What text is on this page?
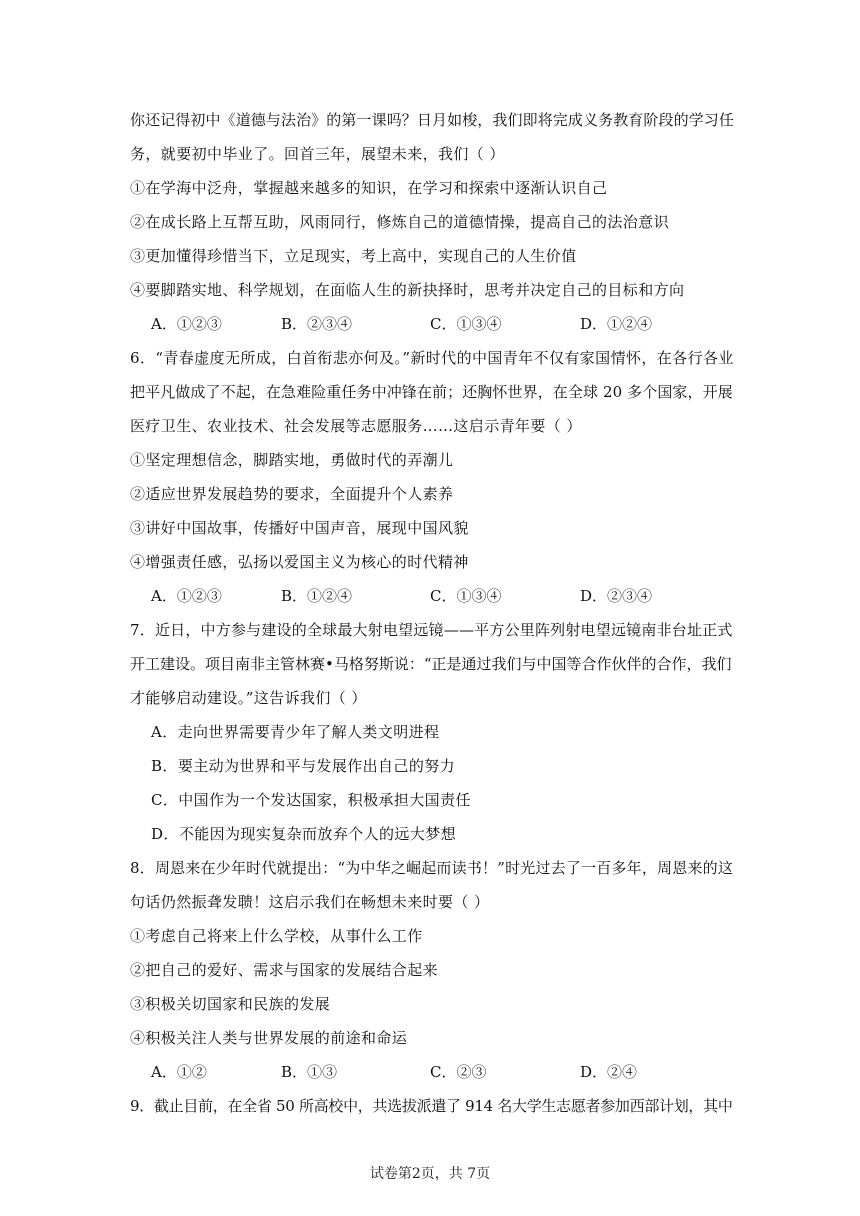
你还记得初中《道德与法治》的第一课吗？日月如梭，我们即将完成义务教育阶段的学习任
务，就要初中毕业了。回首三年，展望未来，我们（ ）
①在学海中泛舟，掌握越来越多的知识，在学习和探索中逐渐认识自己
②在成长路上互帮互助，风雨同行，修炼自己的道德情操，提高自己的法治意识
③更加懂得珍惜当下，立足现实，考上高中，实现自己的人生价值
④要脚踏实地、科学规划，在面临人生的新抉择时，思考并决定自己的目标和方向
A．①②③	B．②③④	C．①③④	D．①②④
6．“青春虚度无所成，白首衔悲亦何及。”新时代的中国青年不仅有家国情怀，在各行各业
把平凡做成了不起，在急难险重任务中冲锋在前；还胸怀世界，在全球 20 多个国家，开展
医疗卫生、农业技术、社会发展等志愿服务……这启示青年要（ ）
①坚定理想信念，脚踏实地，勇做时代的弄潮儿
②适应世界发展趋势的要求，全面提升个人素养
③讲好中国故事，传播好中国声音，展现中国风貌
④增强责任感，弘扬以爱国主义为核心的时代精神
A．①②③	B．①②④	C．①③④	D．②③④
7．近日，中方参与建设的全球最大射电望远镜——平方公里阵列射电望远镜南非台址正式
开工建设。项目南非主管林赛•马格努斯说：“正是通过我们与中国等合作伙伴的合作，我们
才能够启动建设。”这告诉我们（ ）
A．走向世界需要青少年了解人类文明进程
B．要主动为世界和平与发展作出自己的努力
C．中国作为一个发达国家，积极承担大国责任
D．不能因为现实复杂而放弃个人的远大梦想
8．周恩来在少年时代就提出：“为中华之崛起而读书！”时光过去了一百多年，周恩来的这
句话仍然振聋发聩！这启示我们在畅想未来时要（ ）
①考虑自己将来上什么学校，从事什么工作
②把自己的爱好、需求与国家的发展结合起来
③积极关切国家和民族的发展
④积极关注人类与世界发展的前途和命运
A．①②	B．①③	C．②③	D．②④
9．截止目前，在全省 50 所高校中，共选拔派遣了 914 名大学生志愿者参加西部计划，其中
试卷第2页，共 7页
